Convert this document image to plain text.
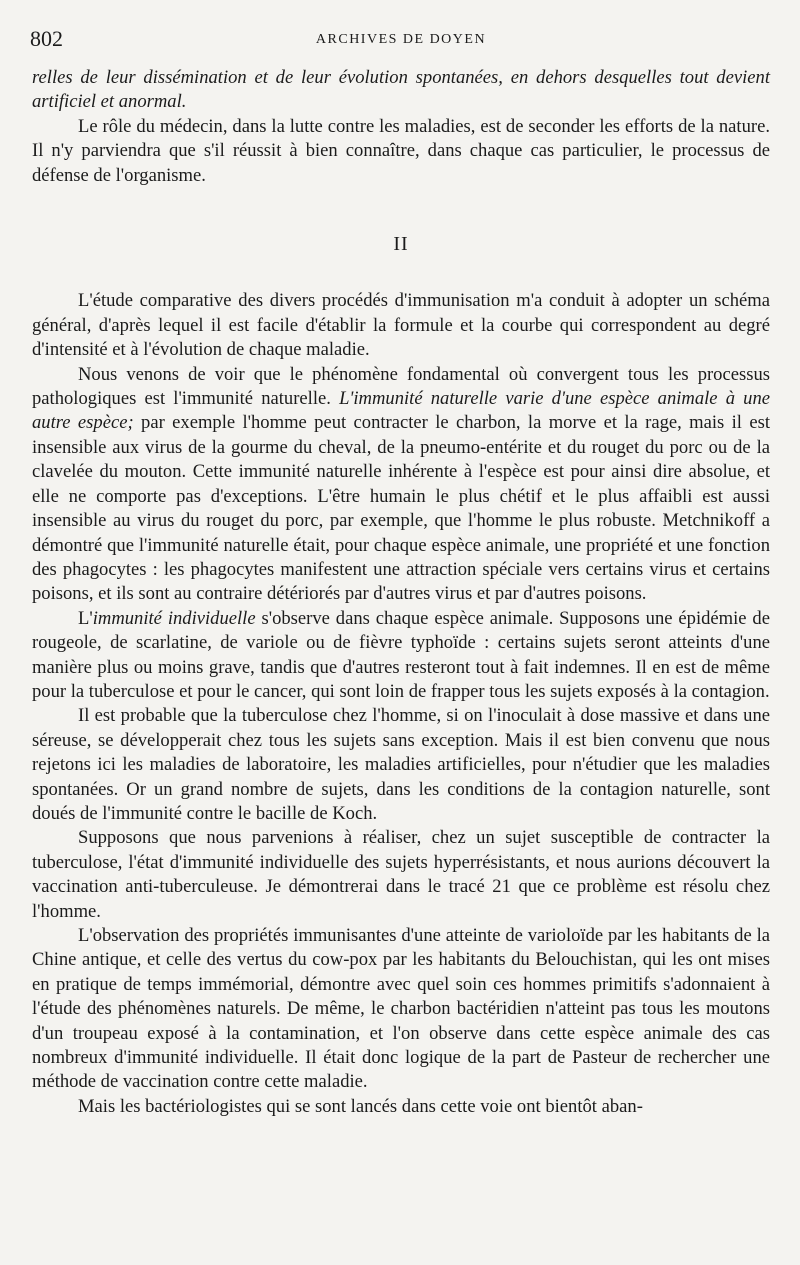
802	ARCHIVES DE DOYEN

relles de leur dissémination et de leur évolution spontanées, en dehors desquelles tout devient artificiel et anormal.

Le rôle du médecin, dans la lutte contre les maladies, est de seconder les efforts de la nature. Il n'y parviendra que s'il réussit à bien connaître, dans chaque cas particulier, le processus de défense de l'organisme.

II

L'étude comparative des divers procédés d'immunisation m'a conduit à adopter un schéma général, d'après lequel il est facile d'établir la formule et la courbe qui correspondent au degré d'intensité et à l'évolution de chaque maladie.

Nous venons de voir que le phénomène fondamental où convergent tous les processus pathologiques est l'immunité naturelle. L'immunité naturelle varie d'une espèce animale à une autre espèce; par exemple l'homme peut contracter le charbon, la morve et la rage, mais il est insensible aux virus de la gourme du cheval, de la pneumo-entérite et du rouget du porc ou de la clavelée du mouton. Cette immunité naturelle inhérente à l'espèce est pour ainsi dire absolue, et elle ne comporte pas d'exceptions. L'être humain le plus chétif et le plus affaibli est aussi insensible au virus du rouget du porc, par exemple, que l'homme le plus robuste. Metchnikoff a démontré que l'immunité naturelle était, pour chaque espèce animale, une propriété et une fonction des phagocytes : les phagocytes manifestent une attraction spéciale vers certains virus et certains poisons, et ils sont au contraire détériorés par d'autres virus et par d'autres poisons.

L'immunité individuelle s'observe dans chaque espèce animale. Supposons une épidémie de rougeole, de scarlatine, de variole ou de fièvre typhoïde : certains sujets seront atteints d'une manière plus ou moins grave, tandis que d'autres resteront tout à fait indemnes. Il en est de même pour la tuberculose et pour le cancer, qui sont loin de frapper tous les sujets exposés à la contagion.

Il est probable que la tuberculose chez l'homme, si on l'inoculait à dose massive et dans une séreuse, se développerait chez tous les sujets sans exception. Mais il est bien convenu que nous rejetons ici les maladies de laboratoire, les maladies artificielles, pour n'étudier que les maladies spontanées. Or un grand nombre de sujets, dans les conditions de la contagion naturelle, sont doués de l'immunité contre le bacille de Koch.

Supposons que nous parvenions à réaliser, chez un sujet susceptible de contracter la tuberculose, l'état d'immunité individuelle des sujets hyperrésistants, et nous aurions découvert la vaccination anti-tuberculeuse. Je démontrerai dans le tracé 21 que ce problème est résolu chez l'homme.

L'observation des propriétés immunisantes d'une atteinte de varioloïde par les habitants de la Chine antique, et celle des vertus du cow-pox par les habitants du Belouchistan, qui les ont mises en pratique de temps immémorial, démontre avec quel soin ces hommes primitifs s'adonnaient à l'étude des phénomènes naturels. De même, le charbon bactéridien n'atteint pas tous les moutons d'un troupeau exposé à la contamination, et l'on observe dans cette espèce animale des cas nombreux d'immunité individuelle. Il était donc logique de la part de Pasteur de rechercher une méthode de vaccination contre cette maladie.

Mais les bactériologistes qui se sont lancés dans cette voie ont bientôt aban-
